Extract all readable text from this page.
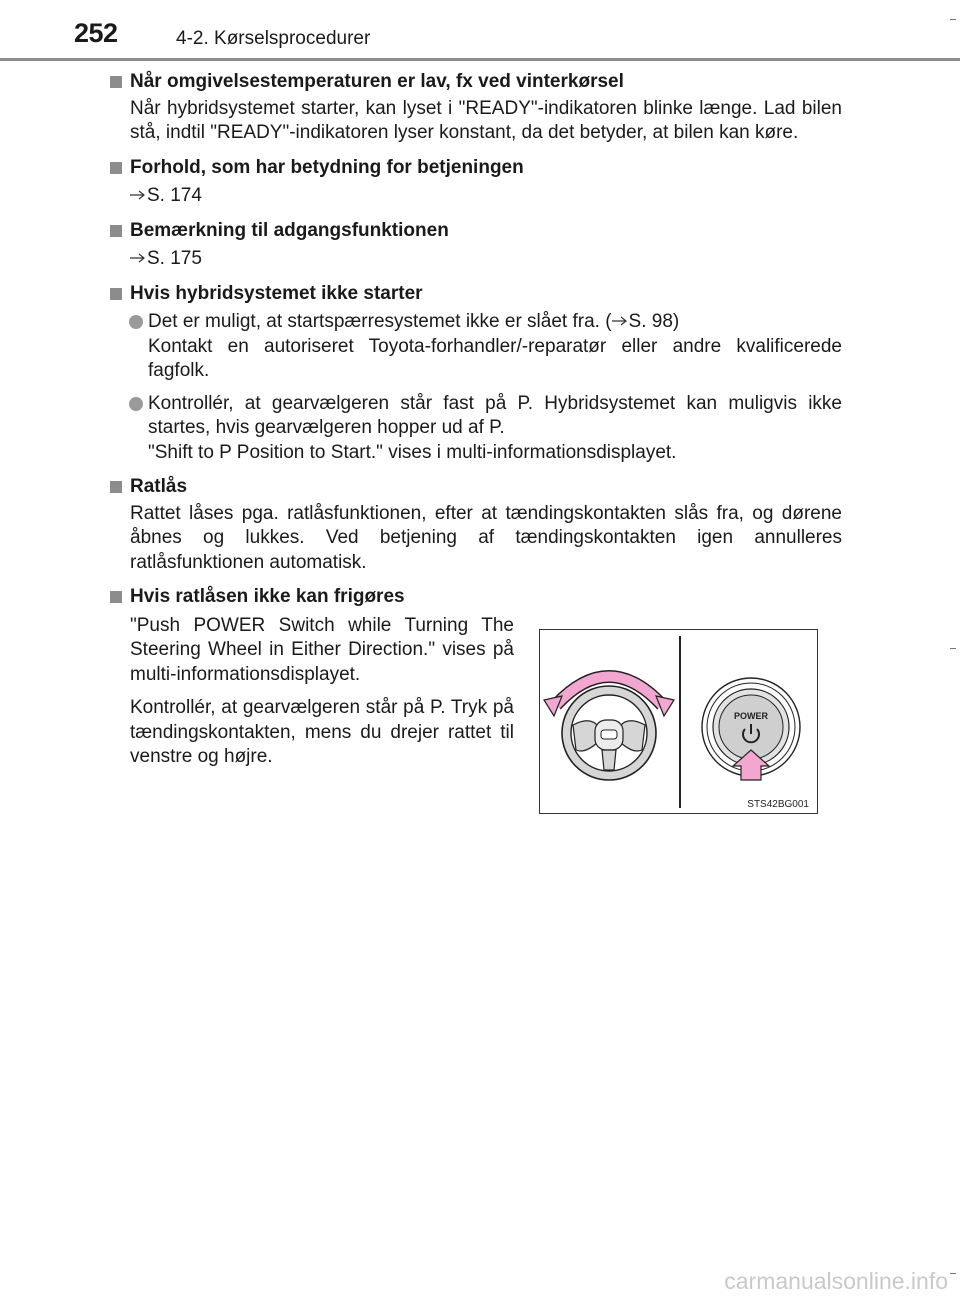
252	4-2. Kørselsprocedurer
Når omgivelsestemperaturen er lav, fx ved vinterkørsel
Når hybridsystemet starter, kan lyset i "READY"-indikatoren blinke længe. Lad bilen stå, indtil "READY"-indikatoren lyser konstant, da det betyder, at bilen kan køre.
Forhold, som har betydning for betjeningen
S. 174
Bemærkning til adgangsfunktionen
S. 175
Hvis hybridsystemet ikke starter
Det er muligt, at startspærresystemet ikke er slået fra. ( S. 98)
Kontakt en autoriseret Toyota-forhandler/-reparatør eller andre kvalificerede fagfolk.
Kontrollér, at gearvælgeren står fast på P. Hybridsystemet kan muligvis ikke startes, hvis gearvælgeren hopper ud af P.
"Shift to P Position to Start." vises i multi-informationsdisplayet.
Ratlås
Rattet låses pga. ratlåsfunktionen, efter at tændingskontakten slås fra, og dørene åbnes og lukkes. Ved betjening af tændingskontakten igen annulleres ratlåsfunktionen automatisk.
Hvis ratlåsen ikke kan frigøres

"Push POWER Switch while Turning The Steering Wheel in Either Direction." vises på multi-informationsdisplayet.

Kontrollér, at gearvælgeren står på P. Tryk på tændingskontakten, mens du drejer rattet til venstre og højre.

POWER
STS42BG001
carmanualsonline.info
